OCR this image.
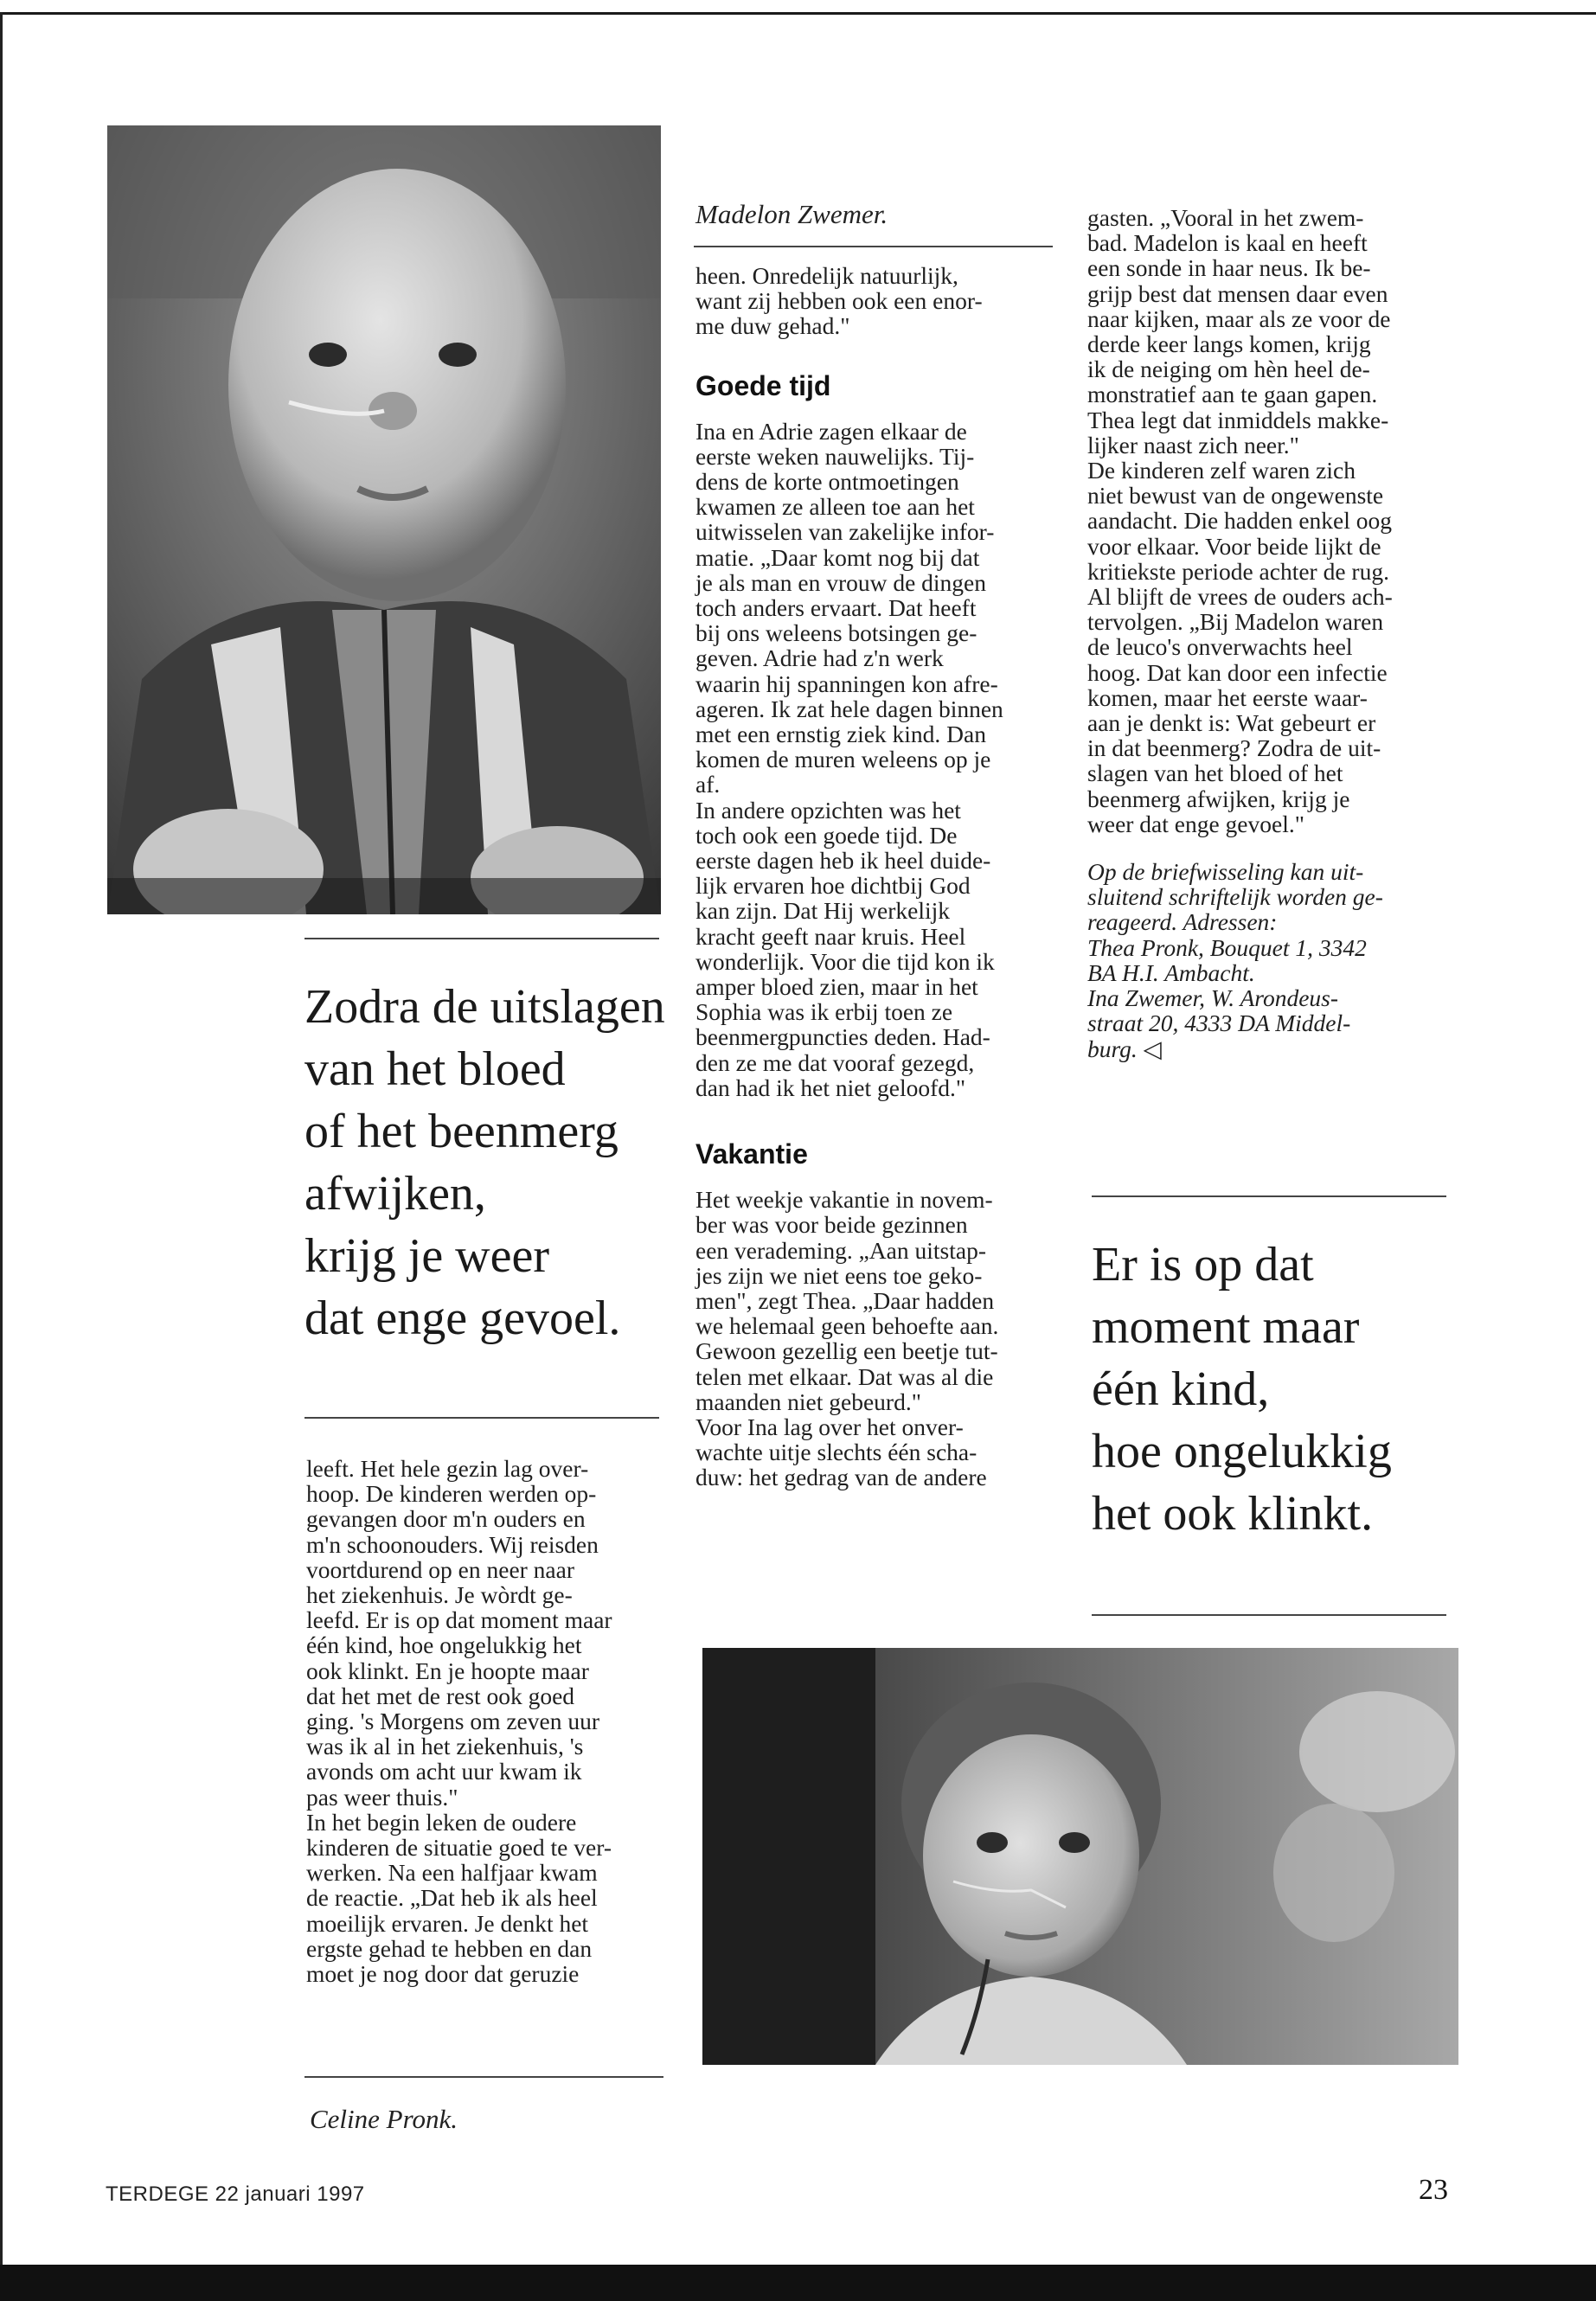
Zodra de uitslagen

van het bloed

of het beenmerg

afwijken,

krijg je weer

dat enge gevoel.

leeft. Het hele gezin lag over-

hoop. De kinderen werden op-

gevangen door m'n ouders en

m'n schoonouders. Wij reisden

voortdurend op en neer naar

het ziekenhuis. Je wòrdt ge-

leefd. Er is op dat moment maar

één kind, hoe ongelukkig het

ook klinkt. En je hoopte maar

dat het met de rest ook goed

ging. 's Morgens om zeven uur

was ik al in het ziekenhuis, 's

avonds om acht uur kwam ik

pas weer thuis."

In het begin leken de oudere

kinderen de situatie goed te ver-

werken. Na een halfjaar kwam

de reactie. „Dat heb ik als heel

moeilijk ervaren. Je denkt het

ergste gehad te hebben en dan

moet je nog door dat geruzie

Celine Pronk.
Madelon Zwemer.

heen. Onredelijk natuurlijk,

want zij hebben ook een enor-

me duw gehad."

Goede tijd

Ina en Adrie zagen elkaar de

eerste weken nauwelijks. Tij-

dens de korte ontmoetingen

kwamen ze alleen toe aan het

uitwisselen van zakelijke infor-

matie. „Daar komt nog bij dat

je als man en vrouw de dingen

toch anders ervaart. Dat heeft

bij ons weleens botsingen ge-

geven. Adrie had z'n werk

waarin hij spanningen kon afre-

ageren. Ik zat hele dagen binnen

met een ernstig ziek kind. Dan

komen de muren weleens op je

af.

In andere opzichten was het

toch ook een goede tijd. De

eerste dagen heb ik heel duide-

lijk ervaren hoe dichtbij God

kan zijn. Dat Hij werkelijk

kracht geeft naar kruis. Heel

wonderlijk. Voor die tijd kon ik

amper bloed zien, maar in het

Sophia was ik erbij toen ze

beenmergpuncties deden. Had-

den ze me dat vooraf gezegd,

dan had ik het niet geloofd."

Vakantie

Het weekje vakantie in novem-

ber was voor beide gezinnen

een verademing. „Aan uitstap-

jes zijn we niet eens toe geko-

men", zegt Thea. „Daar hadden

we helemaal geen behoefte aan.

Gewoon gezellig een beetje tut-

telen met elkaar. Dat was al die

maanden niet gebeurd."

Voor Ina lag over het onver-

wachte uitje slechts één scha-

duw: het gedrag van de andere

gasten. „Vooral in het zwem-

bad. Madelon is kaal en heeft

een sonde in haar neus. Ik be-

grijp best dat mensen daar even

naar kijken, maar als ze voor de

derde keer langs komen, krijg

ik de neiging om hèn heel de-

monstratief aan te gaan gapen.

Thea legt dat inmiddels makke-

lijker naast zich neer."

De kinderen zelf waren zich

niet bewust van de ongewenste

aandacht. Die hadden enkel oog

voor elkaar. Voor beide lijkt de

kritiekste periode achter de rug.

Al blijft de vrees de ouders ach-

tervolgen. „Bij Madelon waren

de leuco's onverwachts heel

hoog. Dat kan door een infectie

komen, maar het eerste waar-

aan je denkt is: Wat gebeurt er

in dat beenmerg? Zodra de uit-

slagen van het bloed of het

beenmerg afwijken, krijg je

weer dat enge gevoel."

Op de briefwisseling kan uit-

sluitend schriftelijk worden ge-

reageerd. Adressen:

Thea Pronk, Bouquet 1, 3342

BA H.I. Ambacht.

Ina Zwemer, W. Arondeus-

straat 20, 4333 DA Middel-

burg. ◁

Er is op dat

moment maar

één kind,

hoe ongelukkig

het ook klinkt.

TERDEGE 22 januari 1997	23
